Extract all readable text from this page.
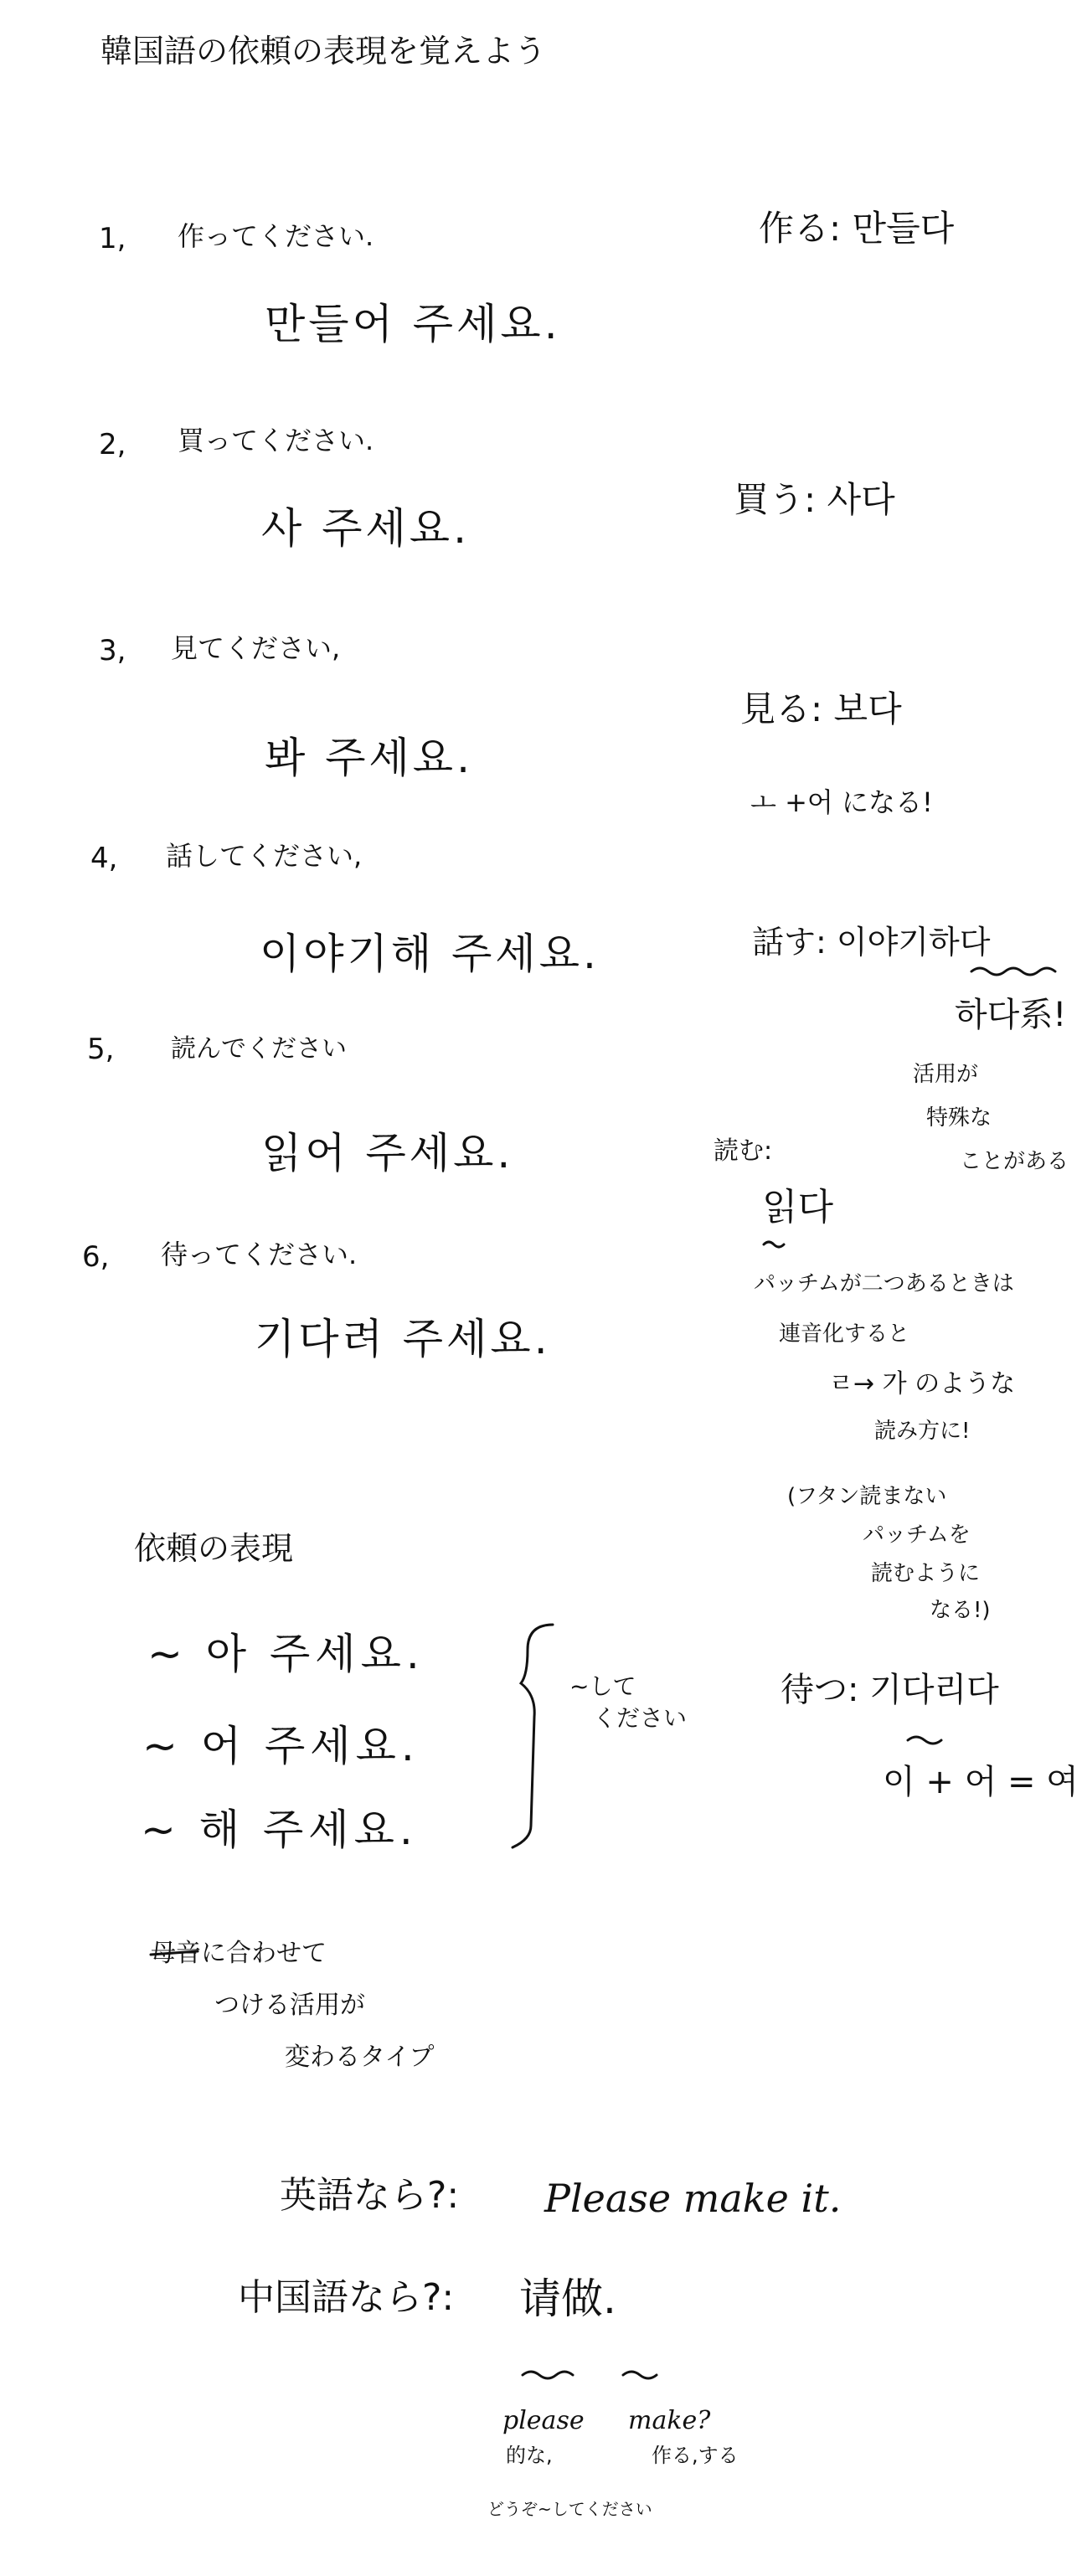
韓国語の依頼の表現を覚えよう
1, 作ってください.
만들어 주세요.
2, 買ってください.
사 주세요.
3, 見てください,
봐 주세요.
4, 話してください,
이야기해 주세요.
5, 読んでください
읽어 주세요.
6, 待ってください.
기다려 주세요.
作る: 만들다
買う: 사다
見る: 보다
ㅗ +어 になる!
話す: 이야기하다
하다系!
活用が
特殊な
ことがある
読む:
읽다
パッチムが二つあるときは
連音化すると
ㄹ→ 가 のような
読み方に!
(フタン読まない
パッチムを
読むように
なる!)
待つ: 기다리다
이 + 어 = 여
依頼の表現
~ 아 주세요.
~ 어 주세요.
~ 해 주세요.
~して
ください
母音に合わせて
つける活用が
変わるタイプ
英語なら?: Please make it.
中国語なら?: 请做.
please
的な,
make?
作る,する
どうぞ~してください
